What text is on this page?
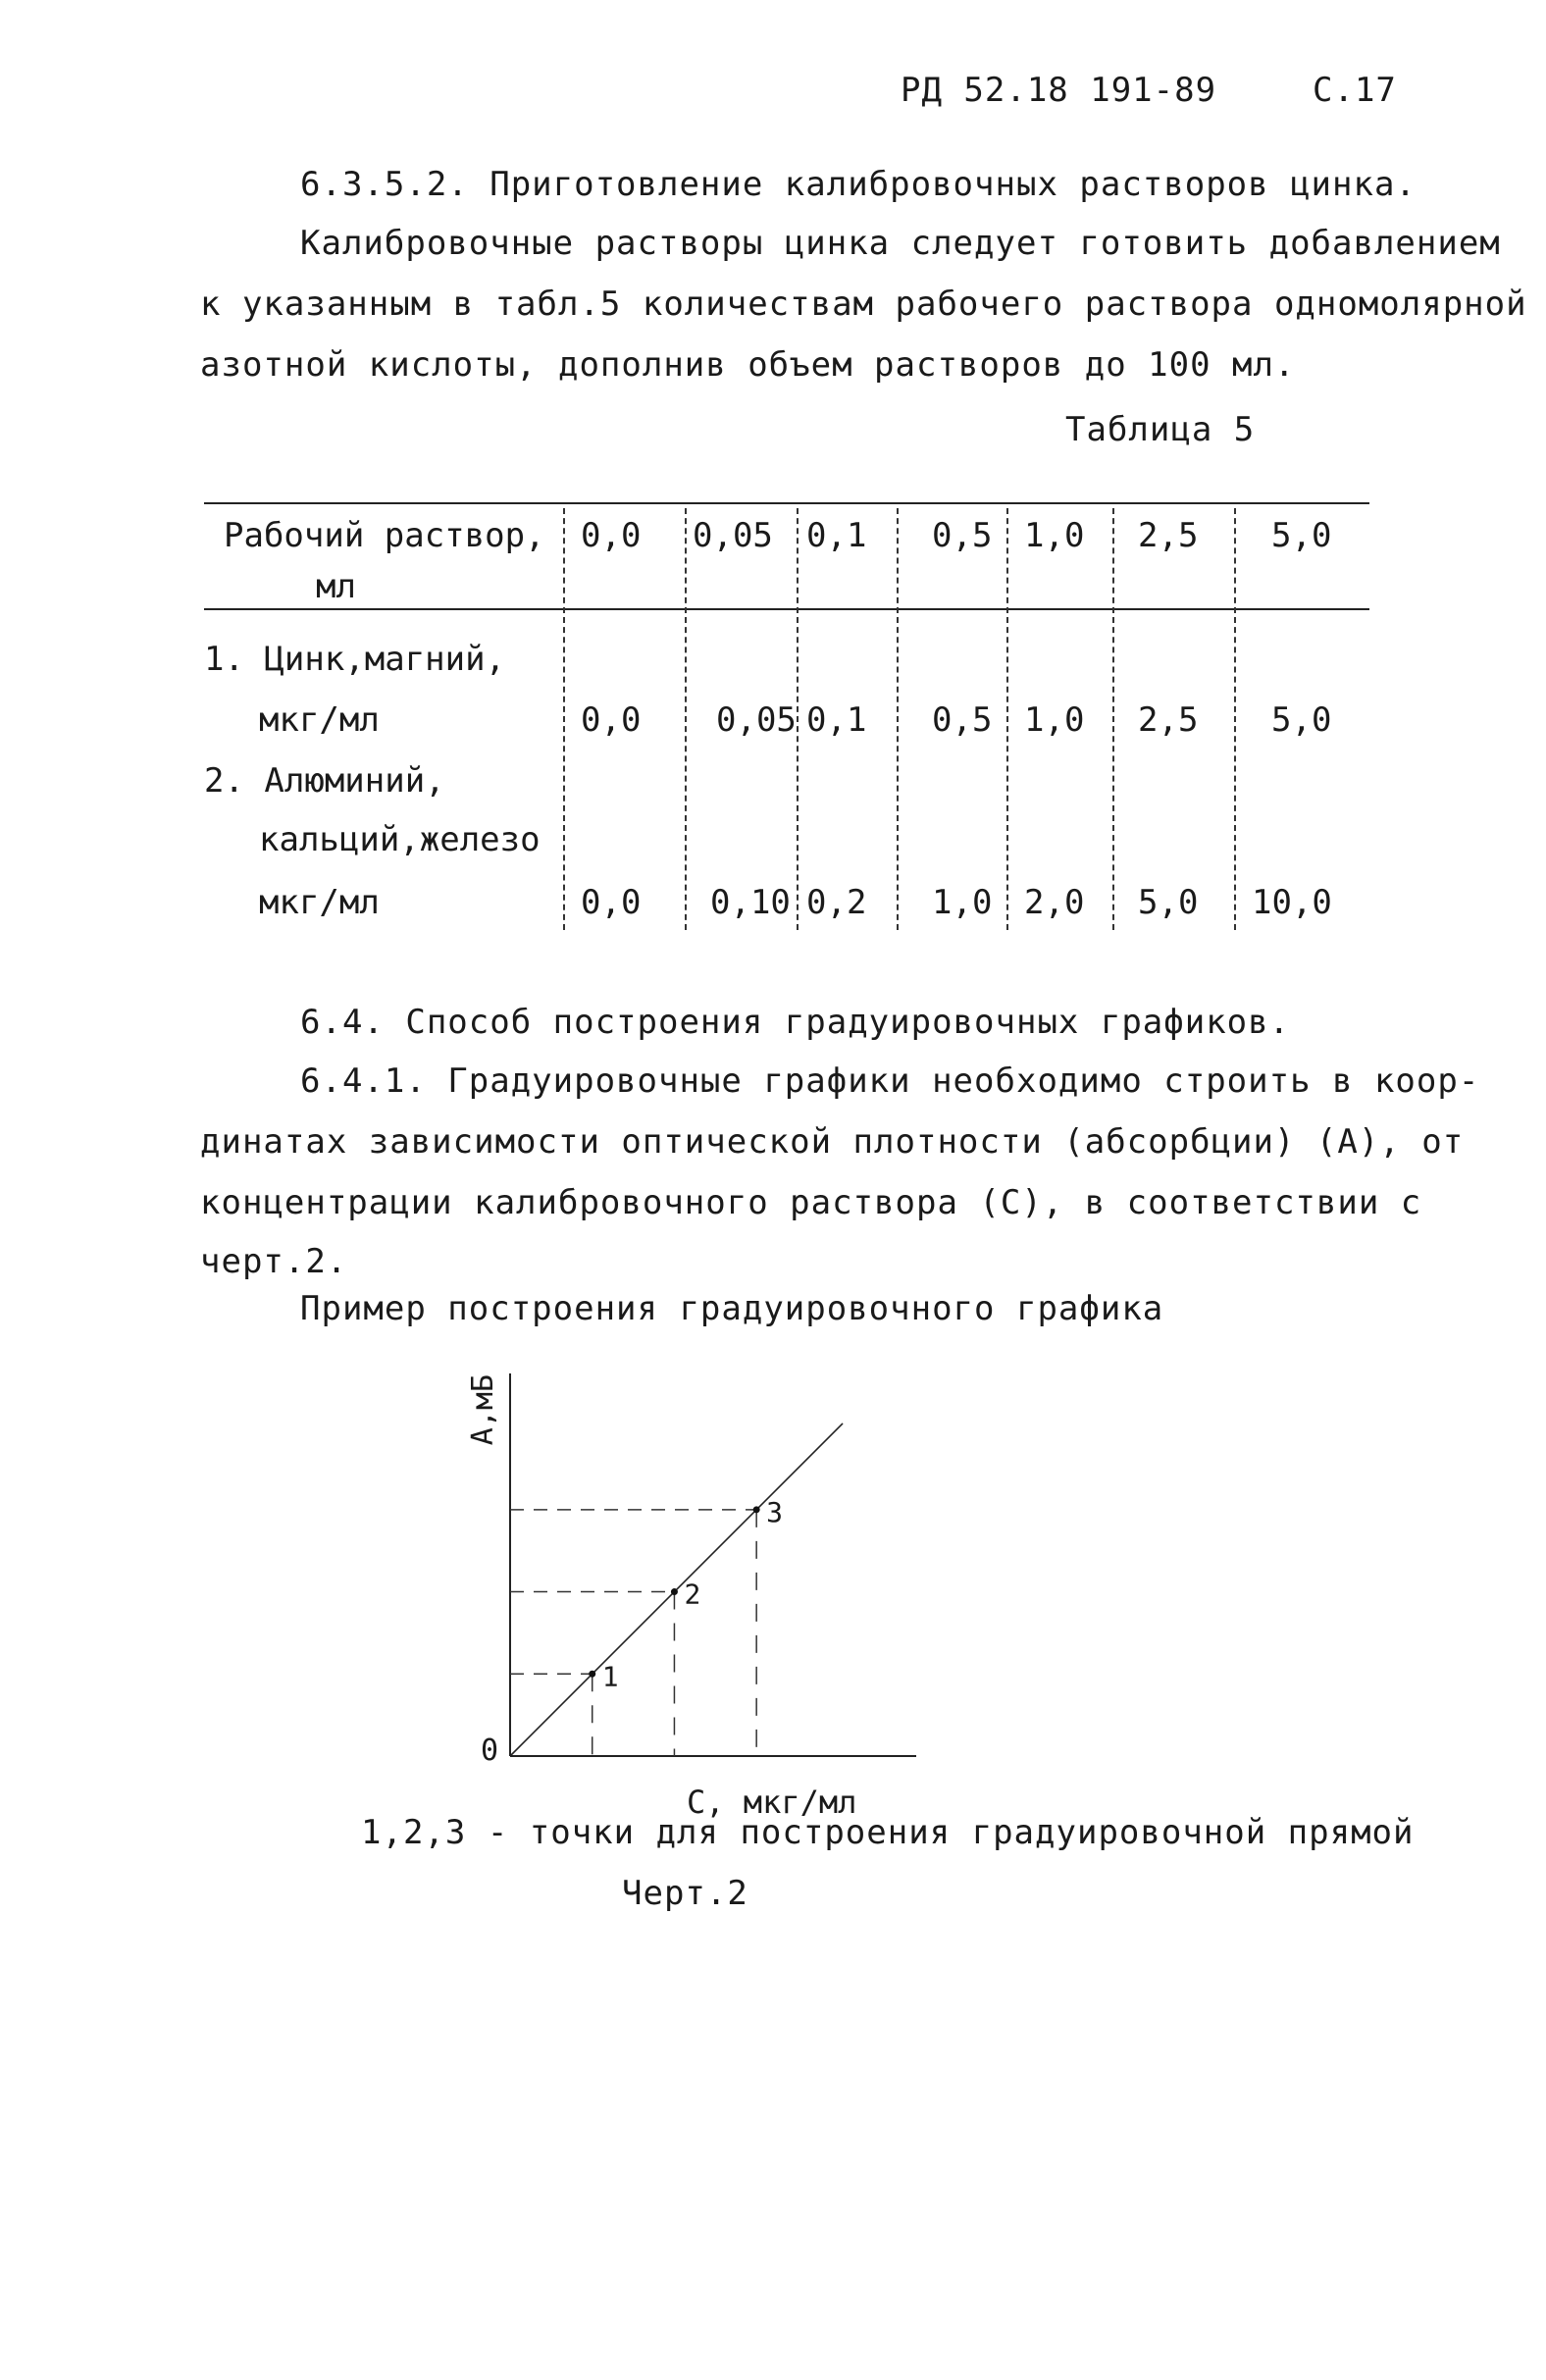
РД 52.18 191-89	С.17
6.3.5.2. Приготовление калибровочных растворов цинка.
Калибровочные растворы цинка следует готовить добавлением
к указанным в табл.5 количествам рабочего раствора одномолярной
азотной кислоты, дополнив объем растворов до 100 мл.
Таблица 5
Рабочий раствор,
мл
0,0 0,05 0,1 0,5 1,0 2,5 5,0
1. Цинк,магний,
мкг/мл	0,0 0,05 0,1 0,5 1,0 2,5 5,0
2. Алюминий,
кальций,железо
мкг/мл	0,0 0,10 0,2 1,0 2,0 5,0 10,0
6.4. Способ построения градуировочных графиков.
6.4.1. Градуировочные графики необходимо строить в коор-
динатах зависимости оптической плотности (абсорбции) (А), от
концентрации калибровочного раствора (С), в соответствии с
черт.2.
Пример построения градуировочного графика
1
2
3
0
С, мкг/мл
А,мБ
1,2,3 - точки для построения градуировочной прямой
Черт.2
